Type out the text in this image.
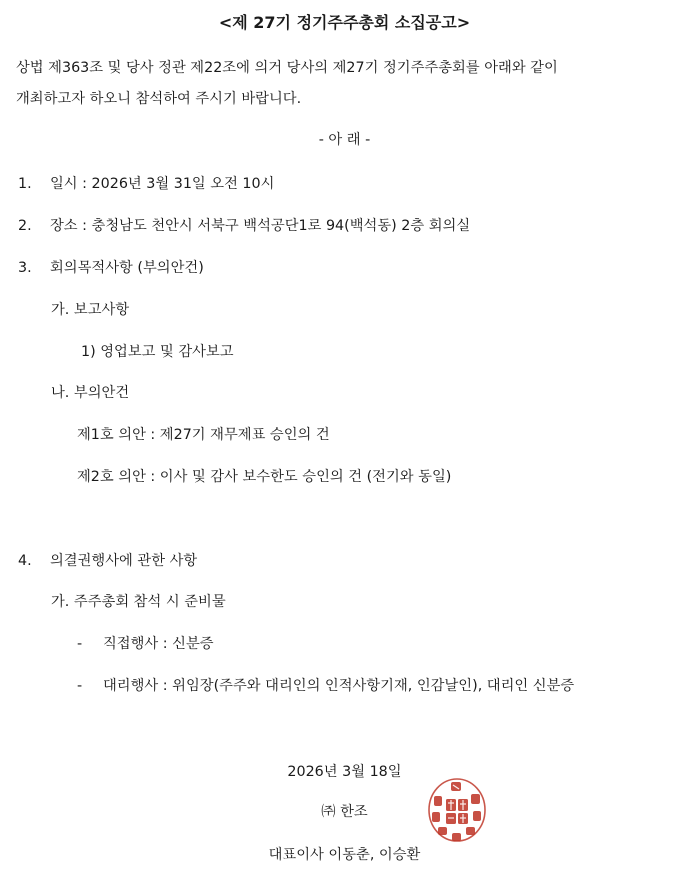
<제 27기 정기주주총회 소집공고>
상법 제363조 및 당사 정관 제22조에 의거 당사의 제27기 정기주주총회를 아래와 같이
개최하고자 하오니 참석하여 주시기 바랍니다.
- 아 래 -
1. 일시 : 2026년 3월 31일 오전 10시
2. 장소 : 충청남도 천안시 서북구 백석공단1로 94(백석동) 2층 회의실
3. 회의목적사항 (부의안건)
가. 보고사항
1) 영업보고 및 감사보고
나. 부의안건
제1호 의안 : 제27기 재무제표 승인의 건
제2호 의안 : 이사 및 감사 보수한도 승인의 건 (전기와 동일)
4. 의결권행사에 관한 사항
가. 주주총회 참석 시 준비물
- 직접행사 : 신분증
- 대리행사 : 위임장(주주와 대리인의 인적사항기재, 인감날인), 대리인 신분증
2026년 3월 18일
㈜ 한조
대표이사 이동춘, 이승환
